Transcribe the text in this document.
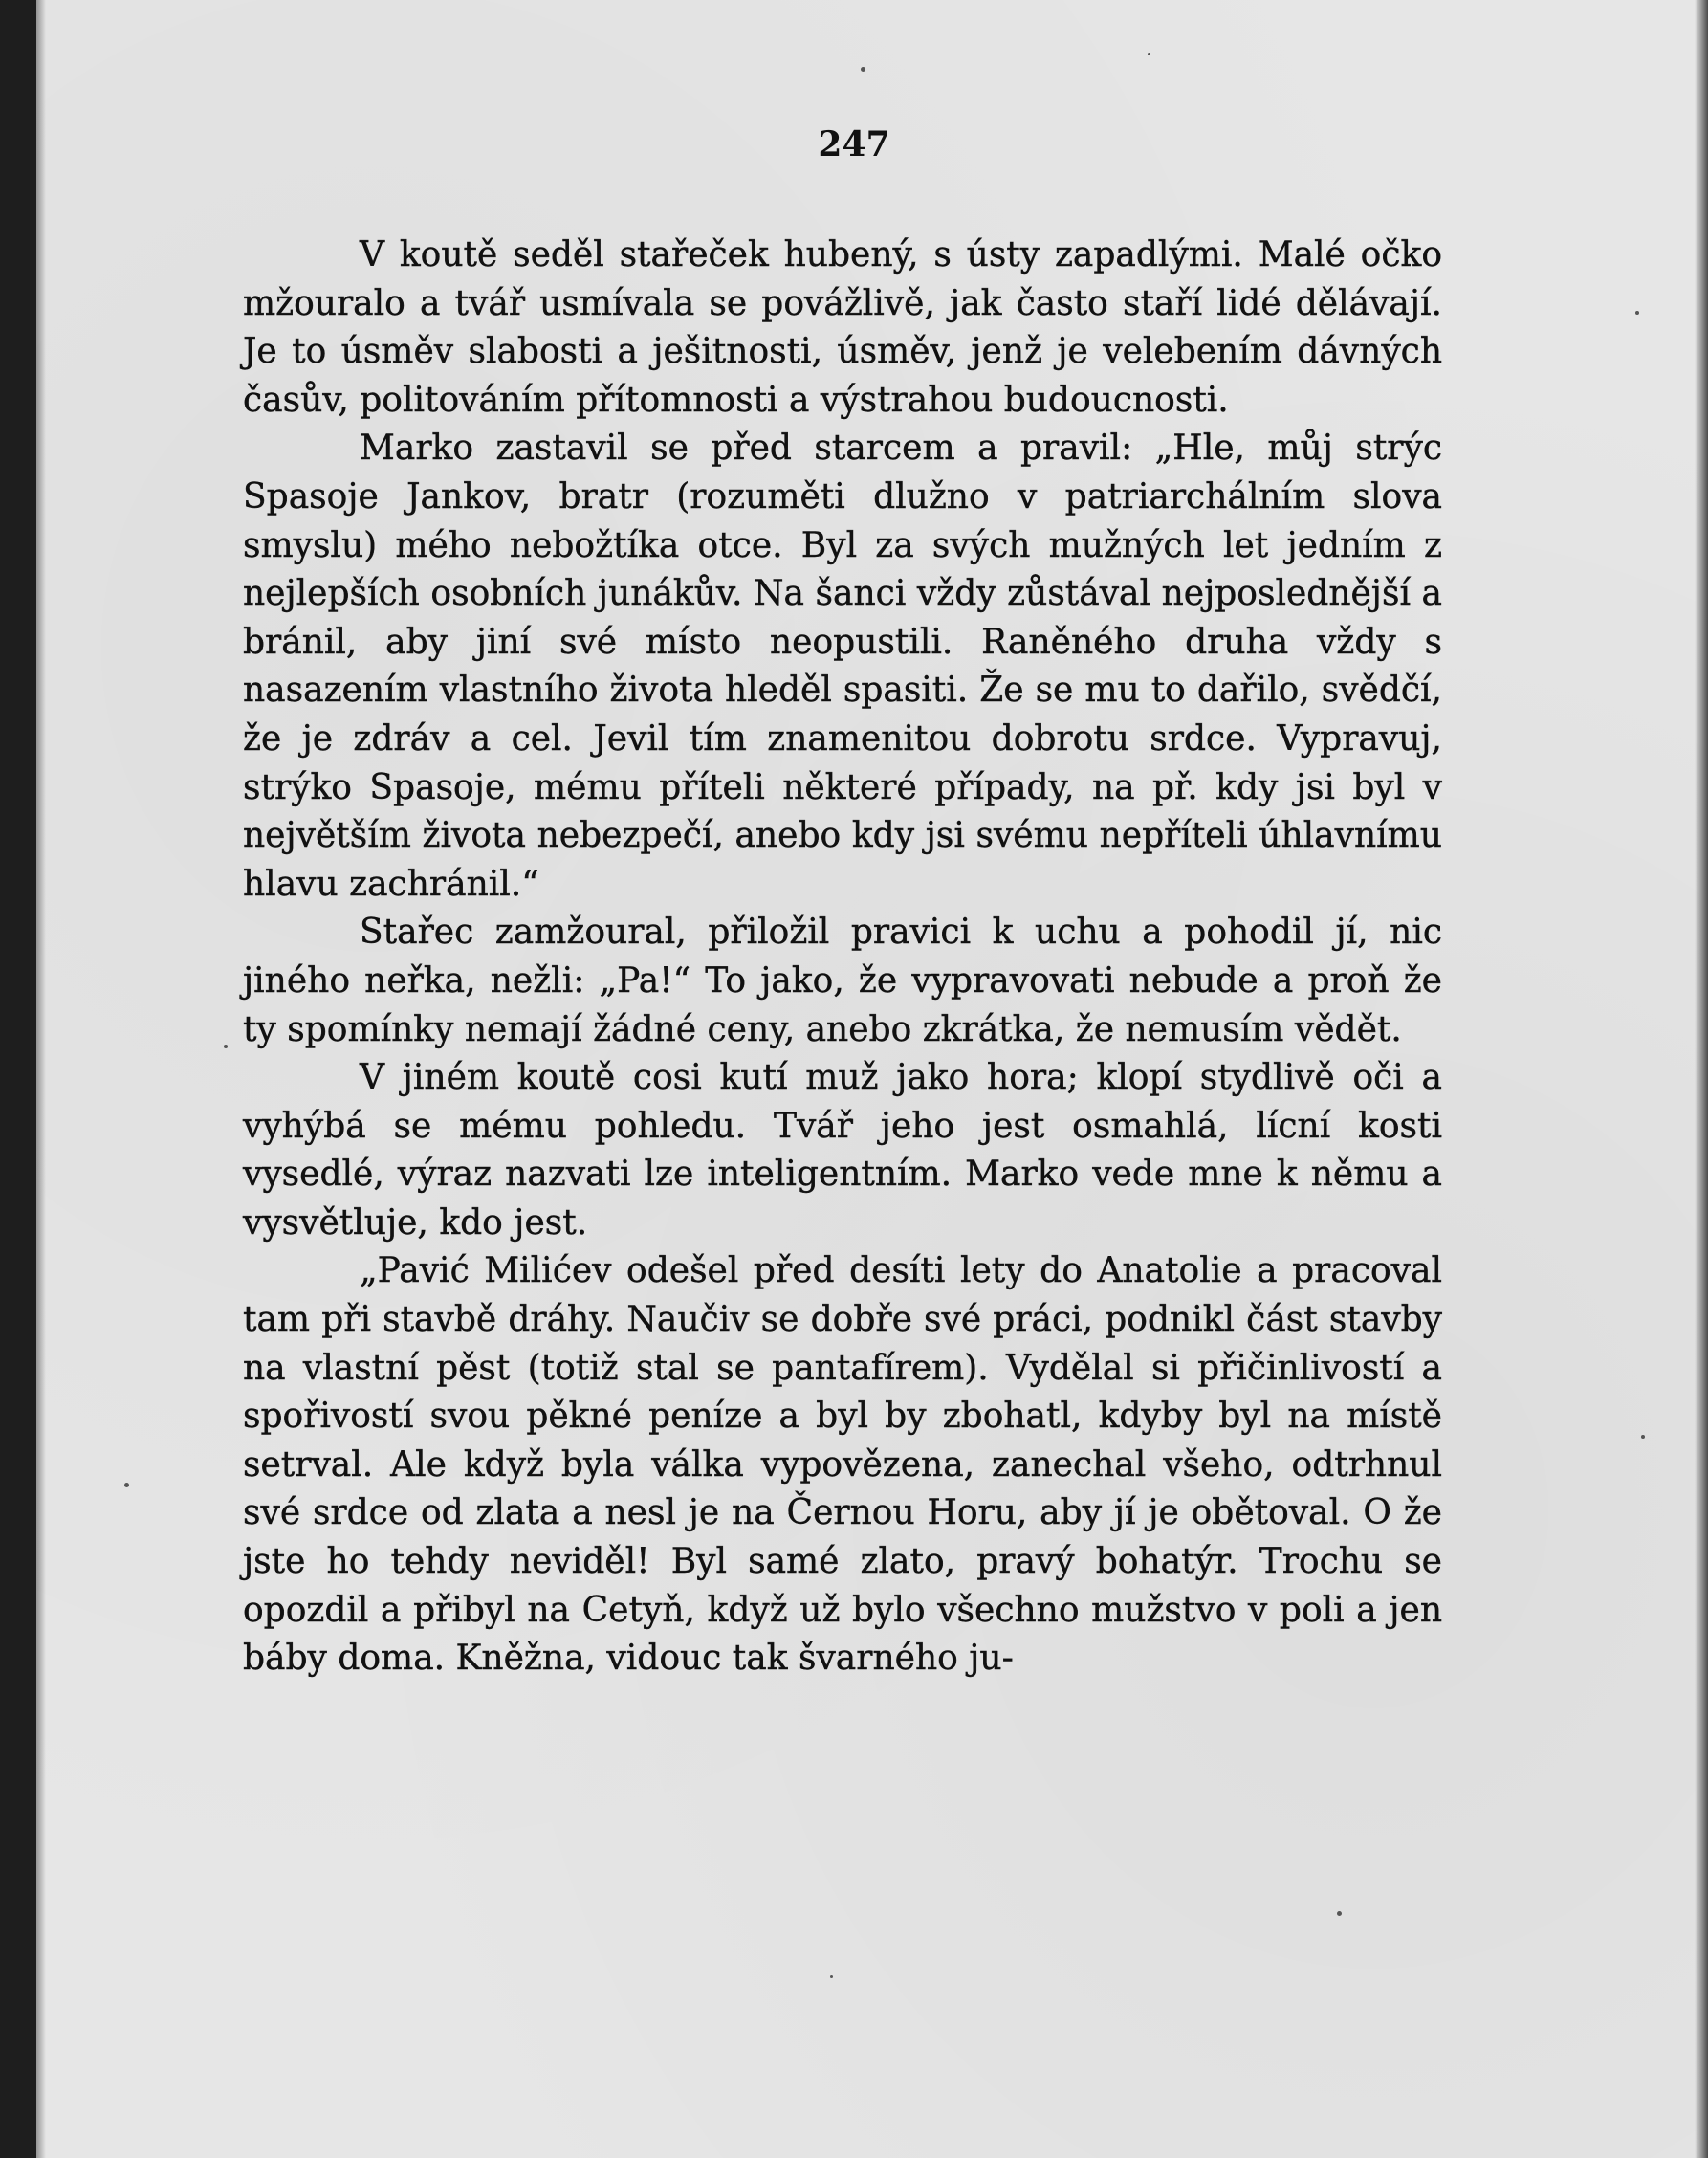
247

V koutě seděl stařeček hubený, s ústy zapadlými. Malé očko mžouralo a tvář usmívala se povážlivě, jak často staří lidé dělávají. Je to úsměv slabosti a ješitnosti, úsměv, jenž je velebením dávných časův, politováním přítomnosti a výstrahou budoucnosti.

Marko zastavil se před starcem a pravil: „Hle, můj strýc Spasoje Jankov, bratr (rozuměti dlužno v patriarchálním slova smyslu) mého nebožtíka otce. Byl za svých mužných let jedním z nejlepších osobních junákův. Na šanci vždy zůstával nejposlednější a bránil, aby jiní své místo neopustili. Raněného druha vždy s nasazením vlastního života hleděl spasiti. Že se mu to dařilo, svědčí, že je zdráv a cel. Jevil tím znamenitou dobrotu srdce. Vypravuj, strýko Spasoje, mému příteli některé případy, na př. kdy jsi byl v největším života nebezpečí, anebo kdy jsi svému nepříteli úhlavnímu hlavu zachránil.“

Stařec zamžoural, přiložil pravici k uchu a pohodil jí, nic jiného neřka, nežli: „Pa!“ To jako, že vypravovati nebude a proň že ty spomínky nemají žádné ceny, anebo zkrátka, že nemusím vědět.

V jiném koutě cosi kutí muž jako hora; klopí stydlivě oči a vyhýbá se mému pohledu. Tvář jeho jest osmahlá, lícní kosti vysedlé, výraz nazvati lze inteligentním. Marko vede mne k němu a vysvětluje, kdo jest.

„Pavić Milićev odešel před desíti lety do Anatolie a pracoval tam při stavbě dráhy. Naučiv se dobře své práci, podnikl část stavby na vlastní pěst (totiž stal se pantafírem). Vydělal si přičinlivostí a spořivostí svou pěkné peníze a byl by zbohatl, kdyby byl na místě setrval. Ale když byla válka vypovězena, zanechal všeho, odtrhnul své srdce od zlata a nesl je na Černou Horu, aby jí je obětoval. O že jste ho tehdy neviděl! Byl samé zlato, pravý bohatýr. Trochu se opozdil a přibyl na Cetyň, když už bylo všechno mužstvo v poli a jen báby doma. Kněžna, vidouc tak švarného ju-
